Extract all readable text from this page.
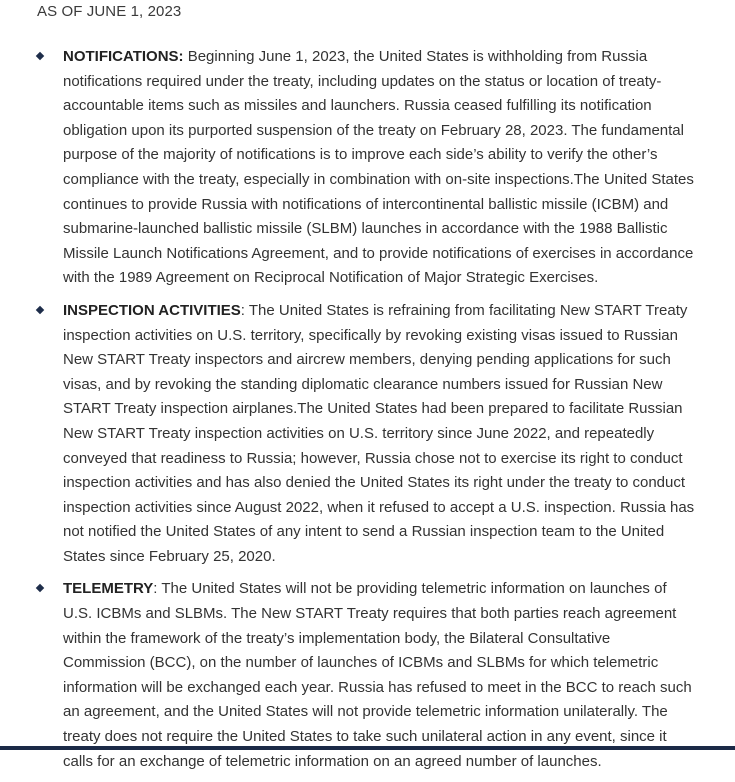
AS OF JUNE 1, 2023
NOTIFICATIONS: Beginning June 1, 2023, the United States is withholding from Russia notifications required under the treaty, including updates on the status or location of treaty-accountable items such as missiles and launchers. Russia ceased fulfilling its notification obligation upon its purported suspension of the treaty on February 28, 2023. The fundamental purpose of the majority of notifications is to improve each side’s ability to verify the other’s compliance with the treaty, especially in combination with on-site inspections.The United States continues to provide Russia with notifications of intercontinental ballistic missile (ICBM) and submarine-launched ballistic missile (SLBM) launches in accordance with the 1988 Ballistic Missile Launch Notifications Agreement, and to provide notifications of exercises in accordance with the 1989 Agreement on Reciprocal Notification of Major Strategic Exercises.
INSPECTION ACTIVITIES: The United States is refraining from facilitating New START Treaty inspection activities on U.S. territory, specifically by revoking existing visas issued to Russian New START Treaty inspectors and aircrew members, denying pending applications for such visas, and by revoking the standing diplomatic clearance numbers issued for Russian New START Treaty inspection airplanes.The United States had been prepared to facilitate Russian New START Treaty inspection activities on U.S. territory since June 2022, and repeatedly conveyed that readiness to Russia; however, Russia chose not to exercise its right to conduct inspection activities and has also denied the United States its right under the treaty to conduct inspection activities since August 2022, when it refused to accept a U.S. inspection. Russia has not notified the United States of any intent to send a Russian inspection team to the United States since February 25, 2020.
TELEMETRY: The United States will not be providing telemetric information on launches of U.S. ICBMs and SLBMs. The New START Treaty requires that both parties reach agreement within the framework of the treaty’s implementation body, the Bilateral Consultative Commission (BCC), on the number of launches of ICBMs and SLBMs for which telemetric information will be exchanged each year. Russia has refused to meet in the BCC to reach such an agreement, and the United States will not provide telemetric information unilaterally. The treaty does not require the United States to take such unilateral action in any event, since it calls for an exchange of telemetric information on an agreed number of launches.
